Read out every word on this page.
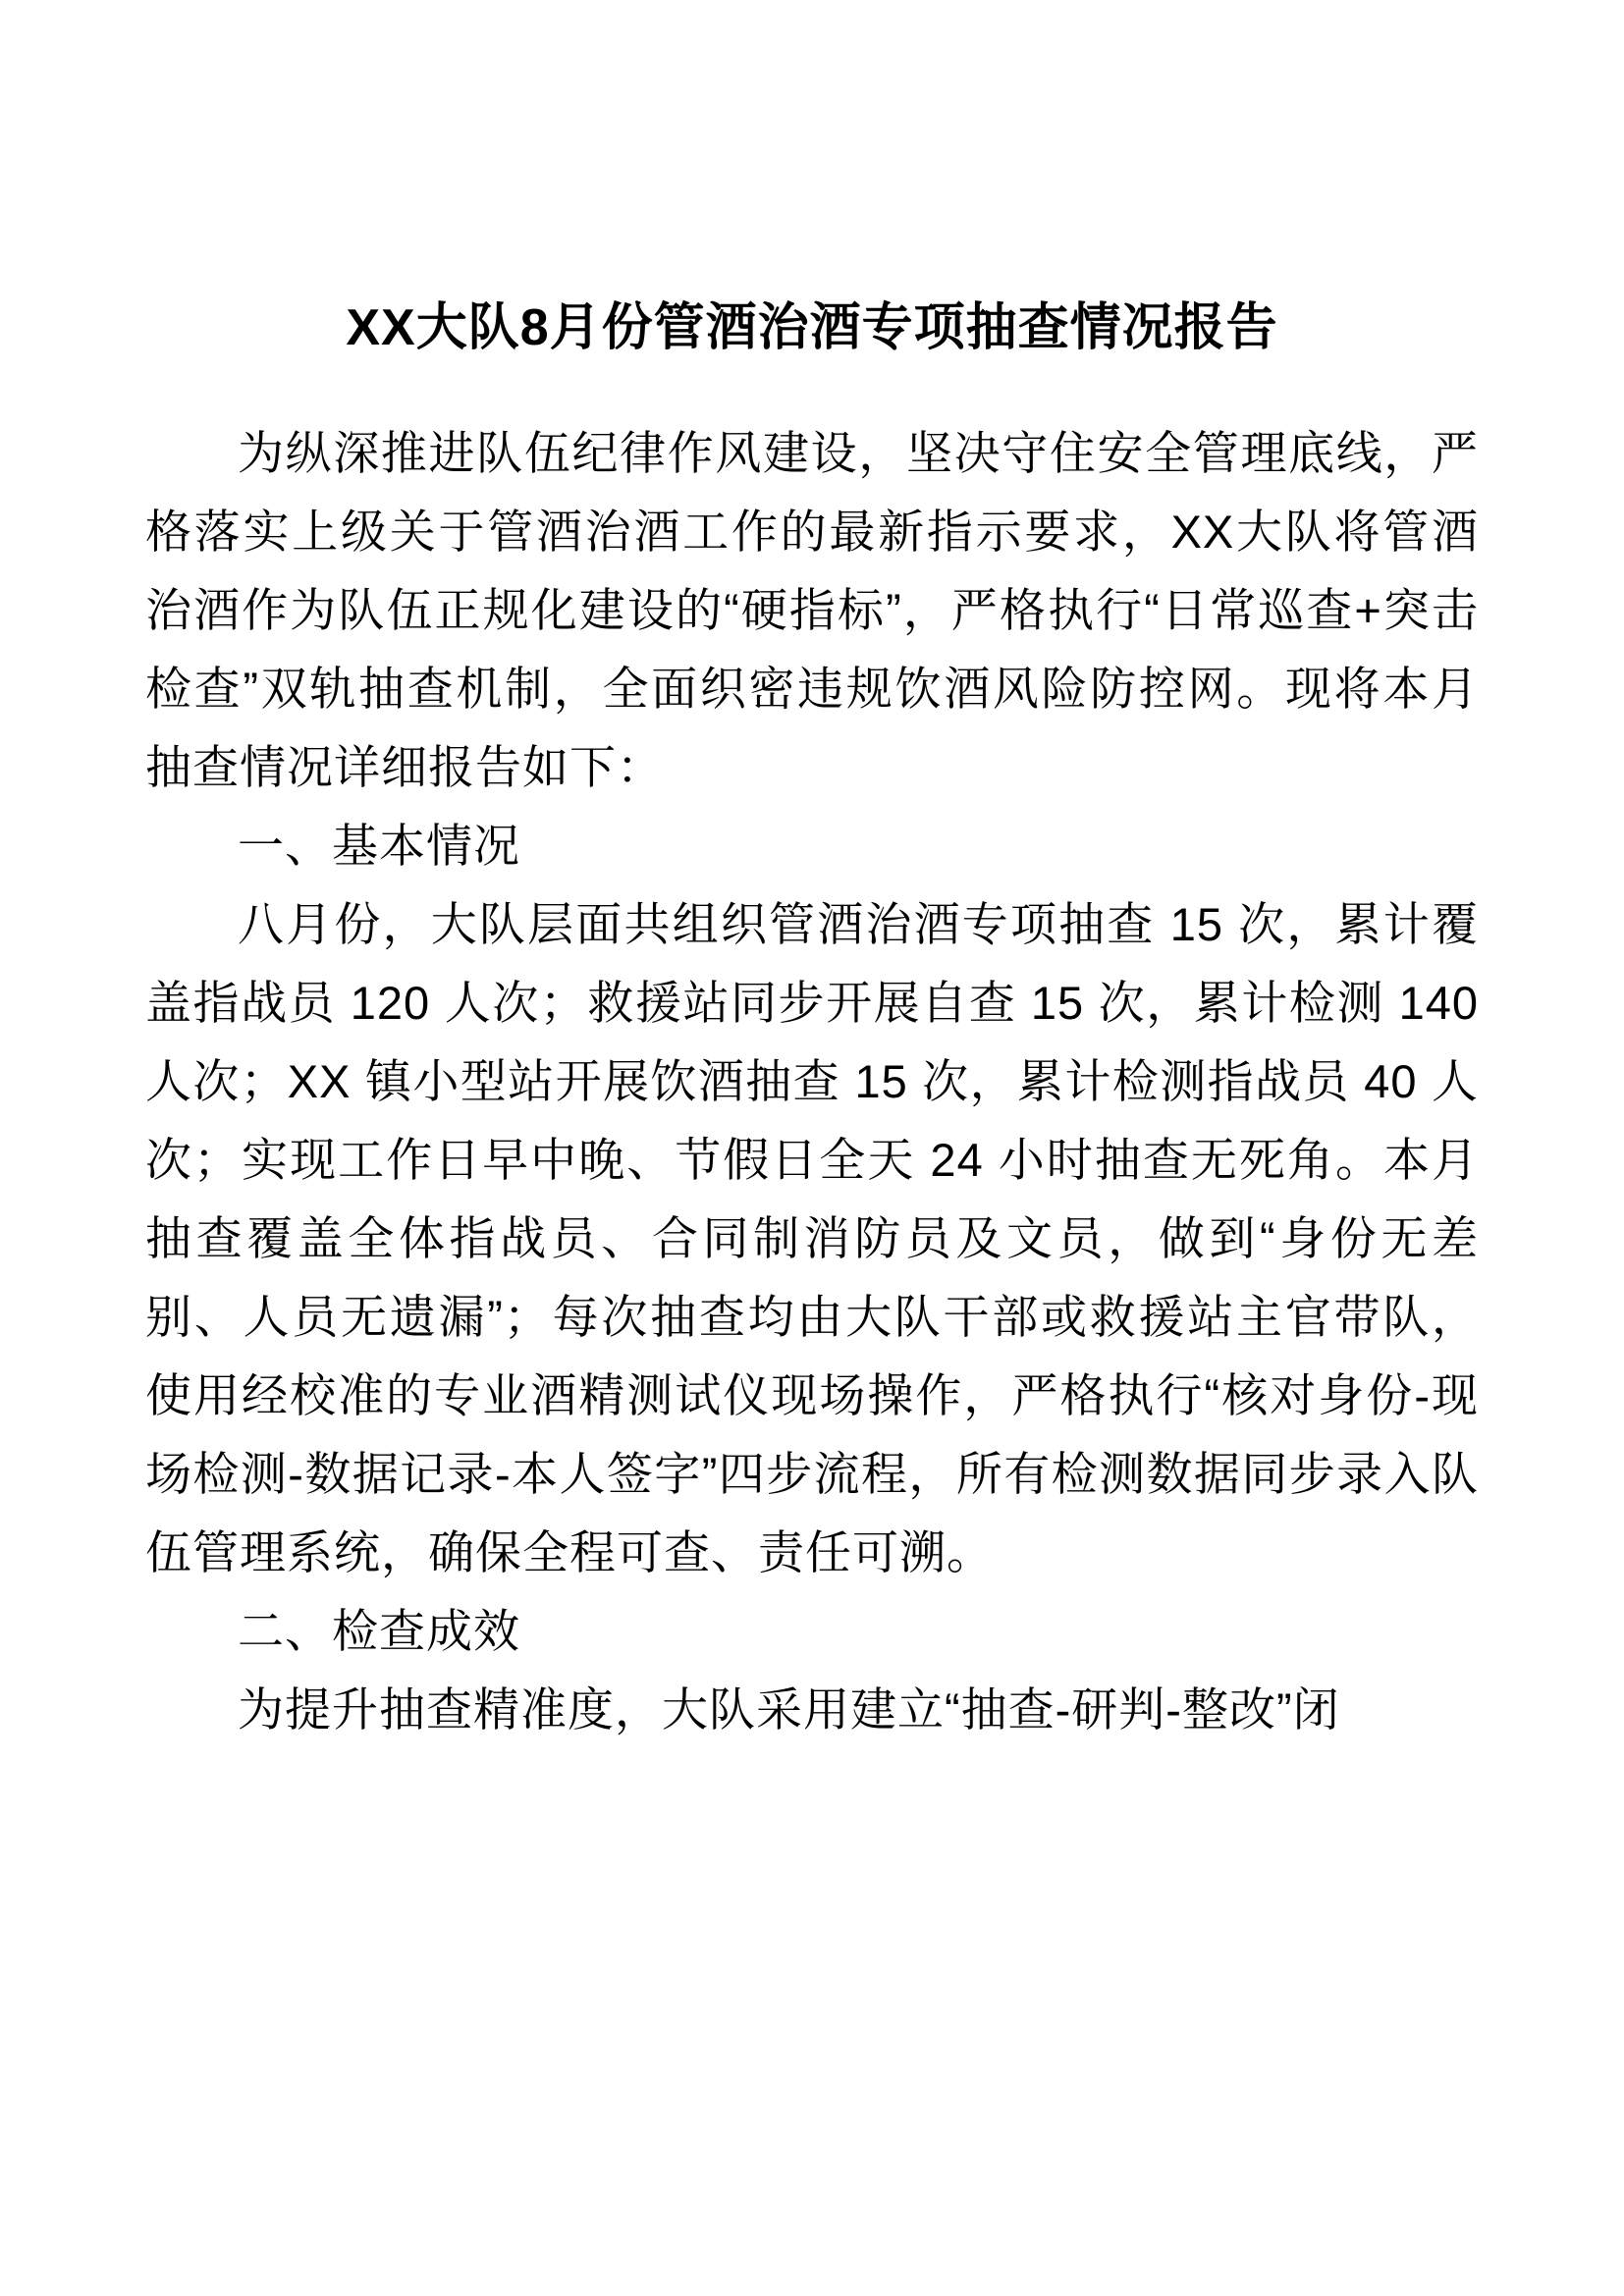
XX大队8月份管酒治酒专项抽查情况报告

为纵深推进队伍纪律作风建设，坚决守住安全管理底线，严格落实上级关于管酒治酒工作的最新指示要求，XX大队将管酒治酒作为队伍正规化建设的“硬指标”，严格执行“日常巡查+突击检查”双轨抽查机制，全面织密违规饮酒风险防控网。现将本月抽查情况详细报告如下：

一、基本情况

八月份，大队层面共组织管酒治酒专项抽查 15 次，累计覆盖指战员 120 人次；救援站同步开展自查 15 次，累计检测 140 人次；XX 镇小型站开展饮酒抽查 15 次，累计检测指战员 40 人次；实现工作日早中晚、节假日全天 24 小时抽查无死角。本月抽查覆盖全体指战员、合同制消防员及文员，做到“身份无差别、人员无遗漏”；每次抽查均由大队干部或救援站主官带队，使用经校准的专业酒精测试仪现场操作，严格执行“核对身份-现场检测-数据记录-本人签字”四步流程，所有检测数据同步录入队伍管理系统，确保全程可查、责任可溯。

二、检查成效

为提升抽查精准度，大队采用建立“抽查-研判-整改”闭
